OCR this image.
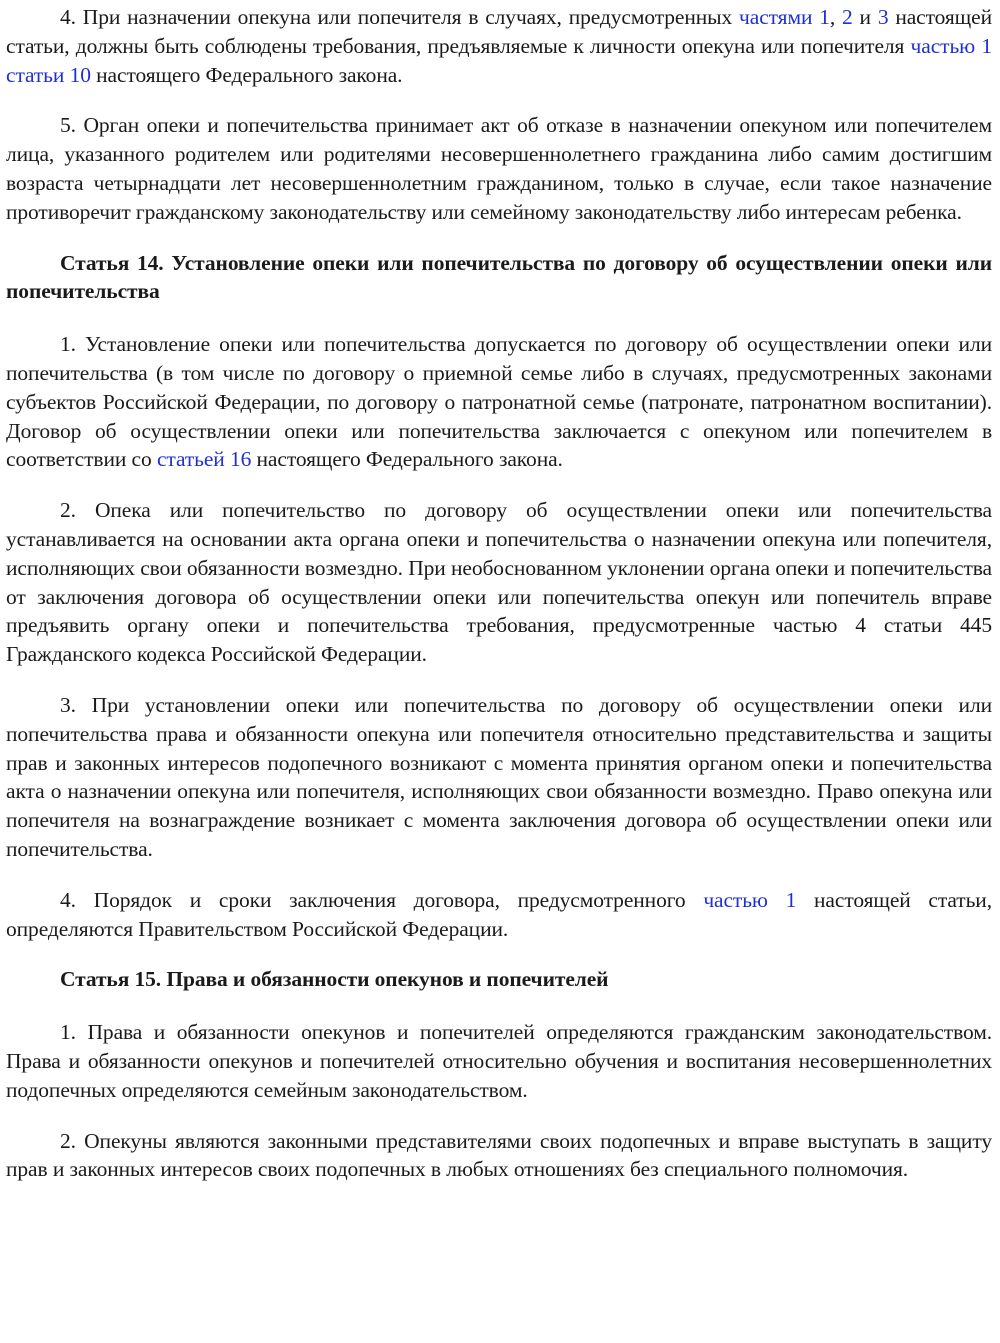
4. При назначении опекуна или попечителя в случаях, предусмотренных частями 1, 2 и 3 настоящей статьи, должны быть соблюдены требования, предъявляемые к личности опекуна или попечителя частью 1 статьи 10 настоящего Федерального закона.

5. Орган опеки и попечительства принимает акт об отказе в назначении опекуном или попечителем лица, указанного родителем или родителями несовершеннолетнего гражданина либо самим достигшим возраста четырнадцати лет несовершеннолетним гражданином, только в случае, если такое назначение противоречит гражданскому законодательству или семейному законодательству либо интересам ребенка.

Статья 14. Установление опеки или попечительства по договору об осуществлении опеки или попечительства

1. Установление опеки или попечительства допускается по договору об осуществлении опеки или попечительства (в том числе по договору о приемной семье либо в случаях, предусмотренных законами субъектов Российской Федерации, по договору о патронатной семье (патронате, патронатном воспитании). Договор об осуществлении опеки или попечительства заключается с опекуном или попечителем в соответствии со статьей 16 настоящего Федерального закона.

2. Опека или попечительство по договору об осуществлении опеки или попечительства устанавливается на основании акта органа опеки и попечительства о назначении опекуна или попечителя, исполняющих свои обязанности возмездно. При необоснованном уклонении органа опеки и попечительства от заключения договора об осуществлении опеки или попечительства опекун или попечитель вправе предъявить органу опеки и попечительства требования, предусмотренные частью 4 статьи 445 Гражданского кодекса Российской Федерации.

3. При установлении опеки или попечительства по договору об осуществлении опеки или попечительства права и обязанности опекуна или попечителя относительно представительства и защиты прав и законных интересов подопечного возникают с момента принятия органом опеки и попечительства акта о назначении опекуна или попечителя, исполняющих свои обязанности возмездно. Право опекуна или попечителя на вознаграждение возникает с момента заключения договора об осуществлении опеки или попечительства.

4. Порядок и сроки заключения договора, предусмотренного частью 1 настоящей статьи, определяются Правительством Российской Федерации.

Статья 15. Права и обязанности опекунов и попечителей

1. Права и обязанности опекунов и попечителей определяются гражданским законодательством. Права и обязанности опекунов и попечителей относительно обучения и воспитания несовершеннолетних подопечных определяются семейным законодательством.

2. Опекуны являются законными представителями своих подопечных и вправе выступать в защиту прав и законных интересов своих подопечных в любых отношениях без специального полномочия.
